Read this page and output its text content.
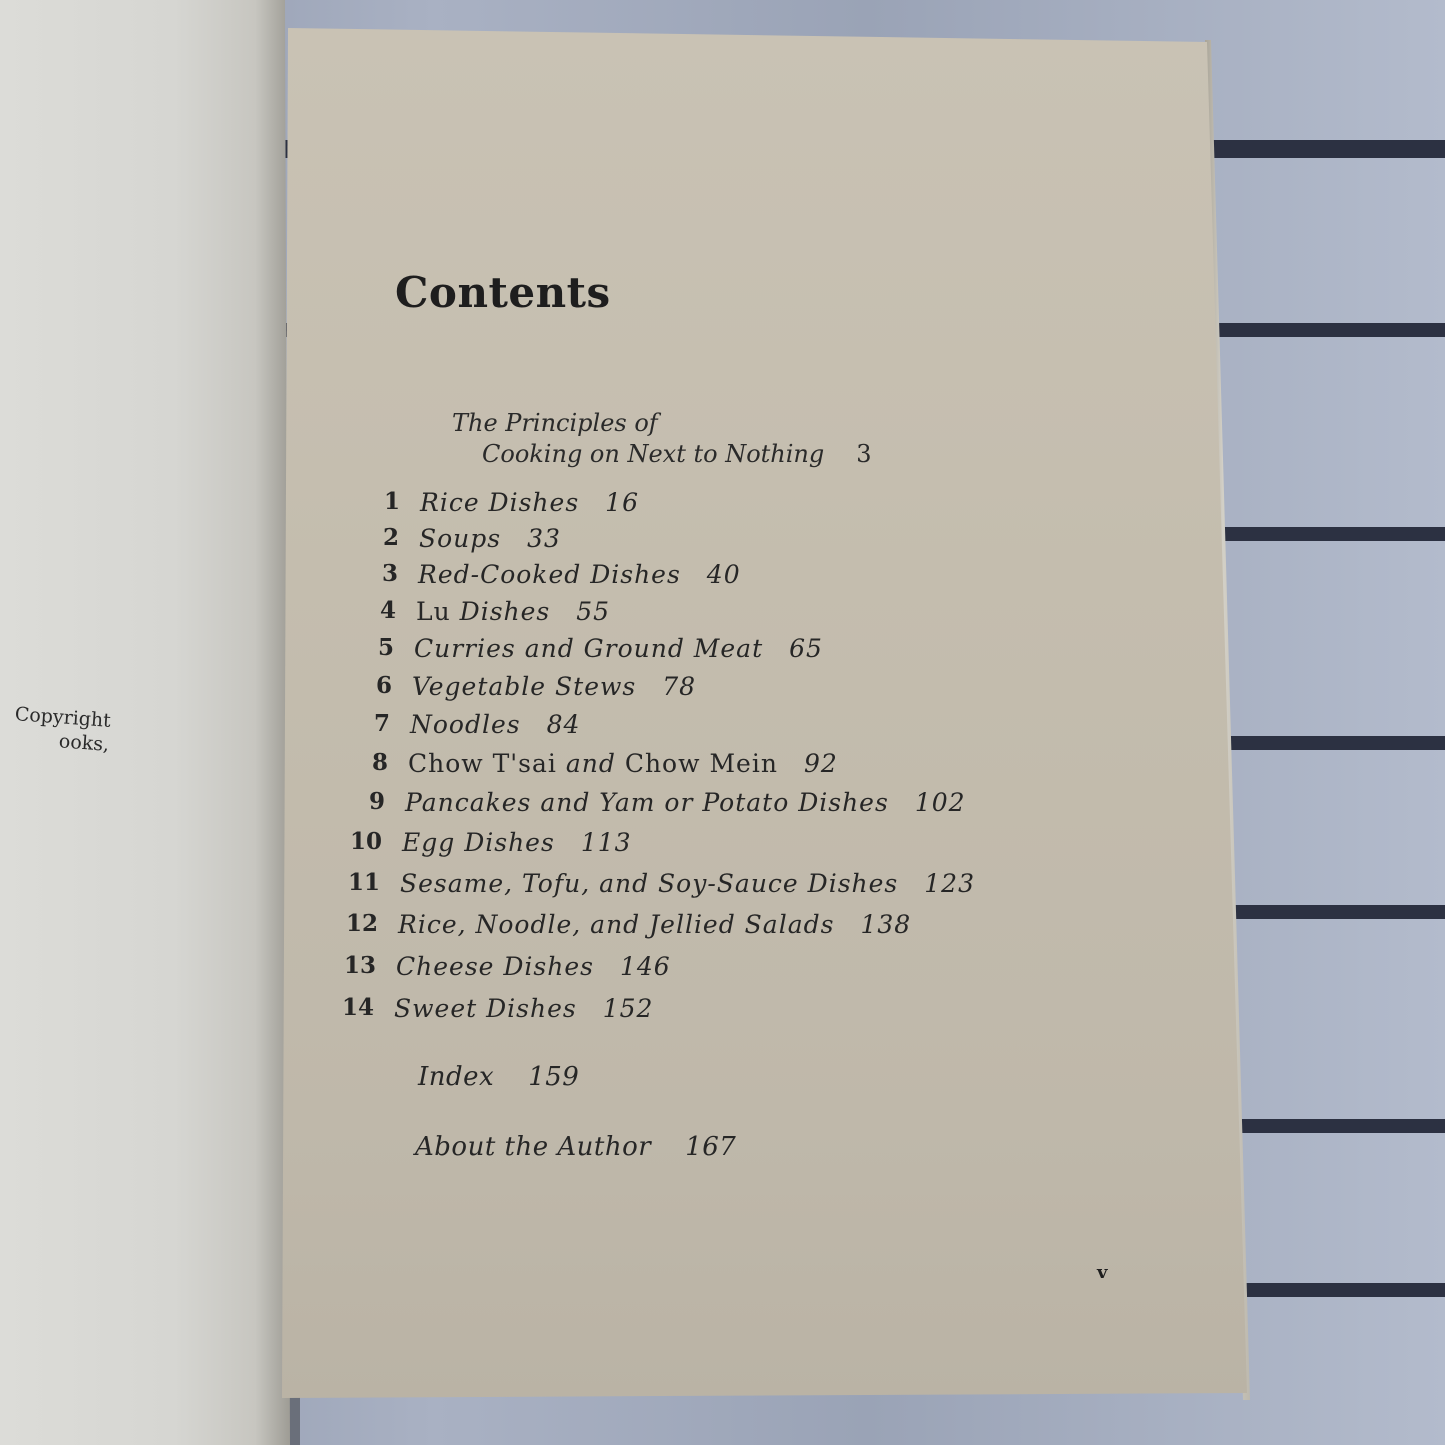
Copyright
ooks,
Contents
The Principles of
Cooking on Next to Nothing 3
1 Rice Dishes 16
2 Soups 33
3 Red-Cooked Dishes 40
4 Lu Dishes 55
5 Curries and Ground Meat 65
6 Vegetable Stews 78
7 Noodles 84
8 Chow T'sai and Chow Mein 92
9 Pancakes and Yam or Potato Dishes 102
10 Egg Dishes 113
11 Sesame, Tofu, and Soy-Sauce Dishes 123
12 Rice, Noodle, and Jellied Salads 138
13 Cheese Dishes 146
14 Sweet Dishes 152
Index 159
About the Author 167
v
